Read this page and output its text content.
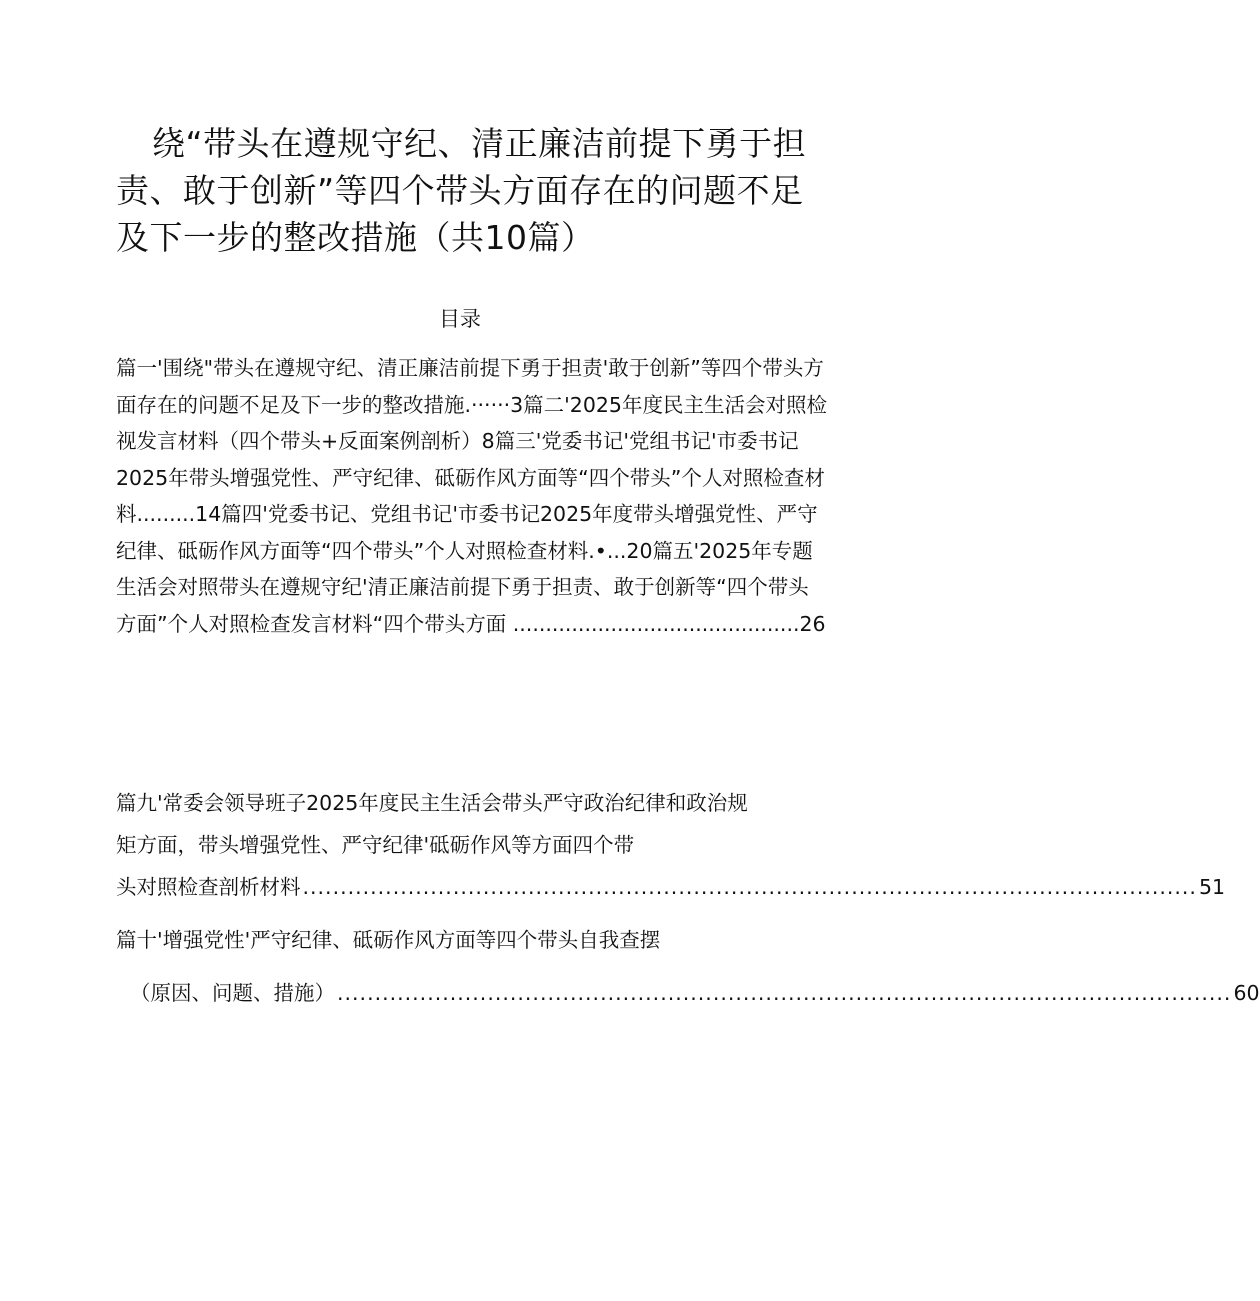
绕“带头在遵规守纪、清正廉洁前提下勇于担责、敢于创新”等四个带头方面存在的问题不足及下一步的整改措施（共10篇）
目录
篇一'围绕"带头在遵规守纪、清正廉洁前提下勇于担责'敢于创新”等四个带头方面存在的问题不足及下一步的整改措施.······3篇二'2025年度民主生活会对照检视发言材料（四个带头+反面案例剖析）8篇三'党委书记'党组书记'市委书记2025年带头增强党性、严守纪律、砥砺作风方面等“四个带头”个人对照检查材料.........14篇四'党委书记、党组书记'市委书记2025年度带头增强党性、严守纪律、砥砺作风方面等“四个带头”个人对照检查材料.•...20篇五'2025年专题生活会对照带头在遵规守纪'清正廉洁前提下勇于担责、敢于创新等“四个带头方面”个人对照检查发言材料“四个带头方面 ............................................26
篇九'常委会领导班子2025年度民主生活会带头严守政治纪律和政治规
矩方面，带头增强党性、严守纪律'砥砺作风等方面四个带
头对照检查剖析材料 ....................................................................................................................... 51
篇十'增强党性'严守纪律、砥砺作风方面等四个带头自我查摆
（原因、问题、措施） ....................................................................................................................... 60
